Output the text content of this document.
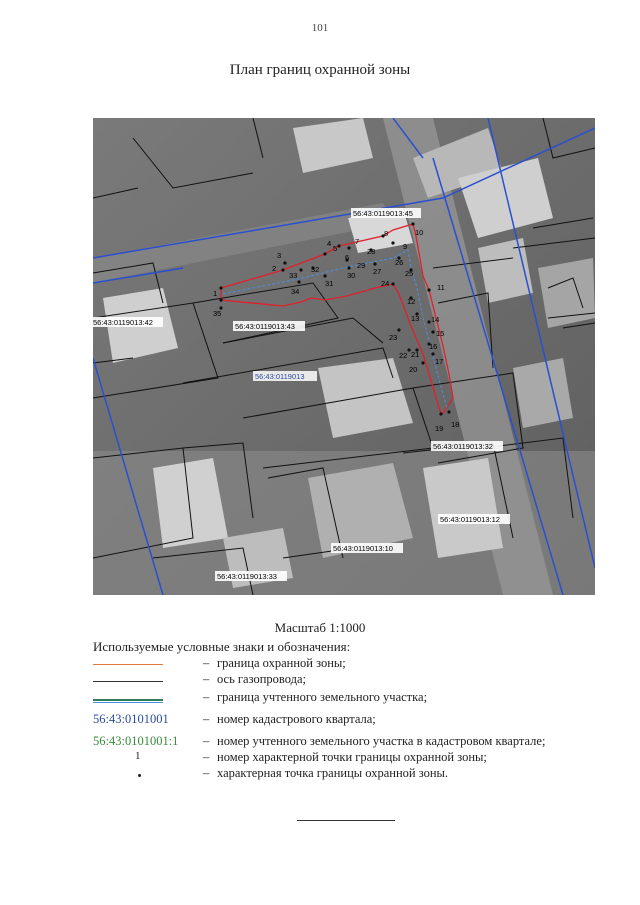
101
План границ охранной зоны
1
2
3
4
5
6
7
8
9
10
11
12
13 14
15
16
17
18
19
20
21
22
23
24
25
26
27
28
29
30
31
32
33
34
35
56:43:0119013:45
56:43:0119013:42	56:43:0119013:43
56:43:0119013:32
56:43:0119013:12
56:43:0119013:10
56:43:0119013:33
56:43:0119013
Масштаб 1:1000
Используемые условные знаки и обозначения:
– граница охранной зоны;
– ось газопровода;
– граница учтенного земельного участка;
56:43:0101001	– номер кадастрового квартала;
56:43:0101001:1 – номер учтенного земельного участка в кадастровом квартале;
1	– номер характерной точки границы охранной зоны;
– характерная точка границы охранной зоны.
